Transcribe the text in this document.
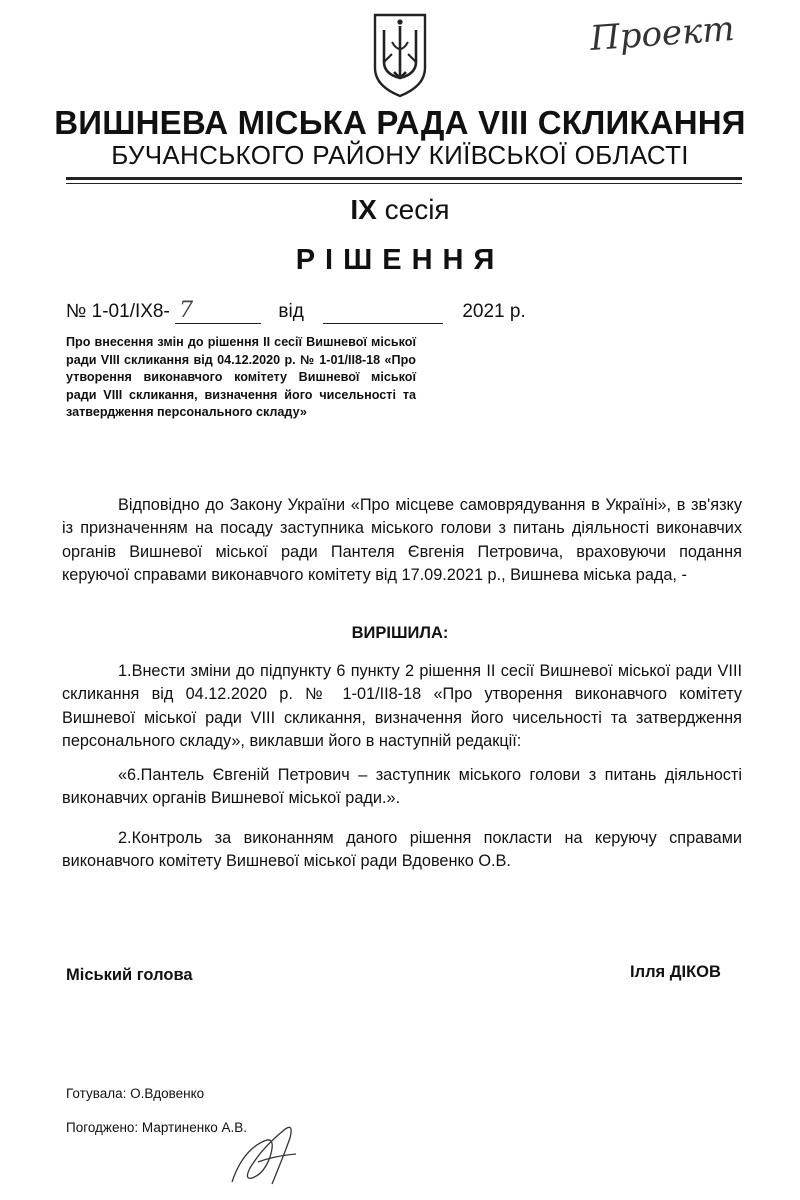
Проект
ВИШНЕВА МІСЬКА РАДА VIII СКЛИКАННЯ
БУЧАНСЬКОГО РАЙОНУ КИЇВСЬКОЇ ОБЛАСТІ
IX сесія
РІШЕННЯ
№ 1-01/IX8- 7	від	2021 р.
Про внесення змін до рішення ІІ сесії Вишневої міської ради VIII скликання від 04.12.2020 р. № 1-01/II8-18 «Про утворення виконавчого комітету Вишневої міської ради VIII скликання, визначення його чисельності та затвердження персонального складу»
Відповідно до Закону України «Про місцеве самоврядування в Україні», в зв'язку із призначенням на посаду заступника міського голови з питань діяльності виконавчих органів Вишневої міської ради Пантеля Євгенія Петровича, враховуючи подання керуючої справами виконавчого комітету від 17.09.2021 р., Вишнева міська рада, -
ВИРІШИЛА:
1.Внести зміни до підпункту 6 пункту 2 рішення ІІ сесії Вишневої міської ради VIII скликання від 04.12.2020 р. № 1-01/II8-18 «Про утворення виконавчого комітету Вишневої міської ради VIII скликання, визначення його чисельності та затвердження персонального складу», виклавши його в наступній редакції:
«6.Пантель Євгеній Петрович – заступник міського голови з питань діяльності виконавчих органів Вишневої міської ради.».
2.Контроль за виконанням даного рішення покласти на керуючу справами виконавчого комітету Вишневої міської ради Вдовенко О.В.
Міський голова	Ілля ДІКОВ
Готувала: О.Вдовенко
Погоджено: Мартиненко А.В.
